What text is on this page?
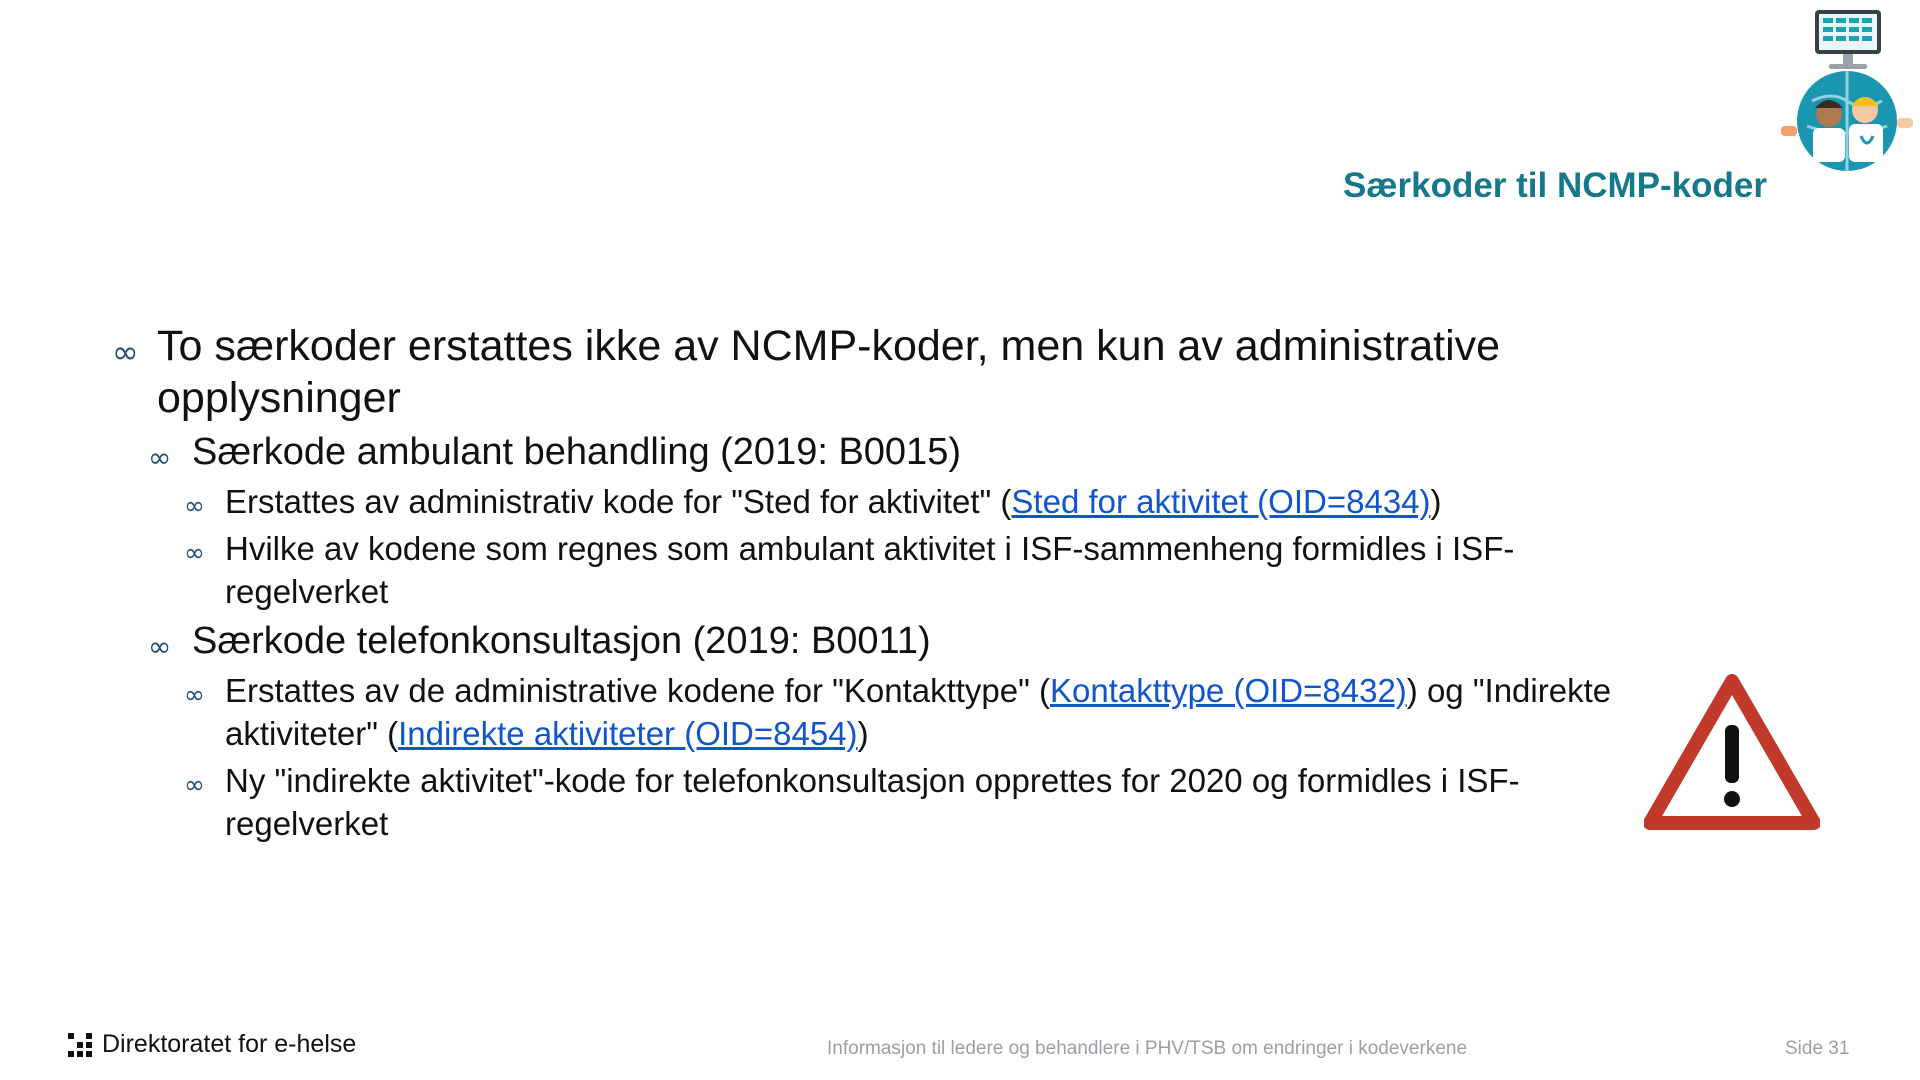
Særkoder til NCMP-koder
∞ To særkoder erstattes ikke av NCMP-koder, men kun av administrative opplysninger
∞ Særkode ambulant behandling (2019: B0015)
∞ Erstattes av administrativ kode for "Sted for aktivitet" (Sted for aktivitet (OID=8434))
∞ Hvilke av kodene som regnes som ambulant aktivitet i ISF-sammenheng formidles i ISF-regelverket
∞ Særkode telefonkonsultasjon (2019: B0011)
∞ Erstattes av de administrative kodene for "Kontakttype" (Kontakttype (OID=8432)) og "Indirekte aktiviteter" (Indirekte aktiviteter (OID=8454))
∞ Ny "indirekte aktivitet"-kode for telefonkonsultasjon opprettes for 2020 og formidles i ISF-regelverket
Direktoratet for e-helse	Informasjon til ledere og behandlere i PHV/TSB om endringer i kodeverkene	Side 31
